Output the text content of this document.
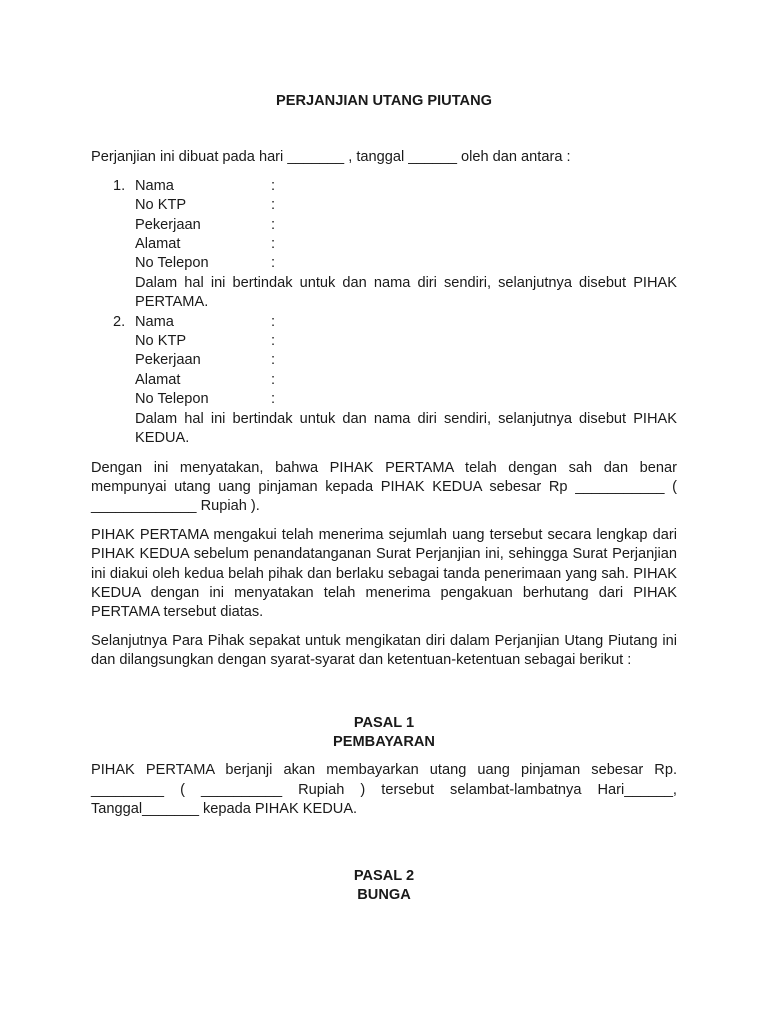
PERJANJIAN UTANG PIUTANG

Perjanjian ini dibuat pada hari _______ , tanggal ______ oleh dan antara :

1. Nama	:
No KTP	:
Pekerjaan	:
Alamat	:
No Telepon	:

Dalam hal ini bertindak untuk dan nama diri sendiri, selanjutnya disebut PIHAK PERTAMA.

2. Nama	:
No KTP	:
Pekerjaan	:
Alamat	:
No Telepon	:

Dalam hal ini bertindak untuk dan nama diri sendiri, selanjutnya disebut PIHAK KEDUA.

Dengan ini menyatakan, bahwa PIHAK PERTAMA telah dengan sah dan benar mempunyai utang uang pinjaman kepada PIHAK KEDUA sebesar Rp ___________ ( _____________ Rupiah ).

PIHAK PERTAMA mengakui telah menerima sejumlah uang tersebut secara lengkap dari PIHAK KEDUA sebelum penandatanganan Surat Perjanjian ini, sehingga Surat Perjanjian ini diakui oleh kedua belah pihak dan berlaku sebagai tanda penerimaan yang sah. PIHAK KEDUA dengan ini menyatakan telah menerima pengakuan berhutang dari PIHAK PERTAMA tersebut diatas.

Selanjutnya Para Pihak sepakat untuk mengikatan diri dalam Perjanjian Utang Piutang ini dan dilangsungkan dengan syarat-syarat dan ketentuan-ketentuan sebagai berikut :

PASAL 1
PEMBAYARAN

PIHAK PERTAMA berjanji akan membayarkan utang uang pinjaman sebesar Rp. _________ ( __________ Rupiah ) tersebut selambat-lambatnya Hari______, Tanggal_______ kepada PIHAK KEDUA.

PASAL 2
BUNGA
